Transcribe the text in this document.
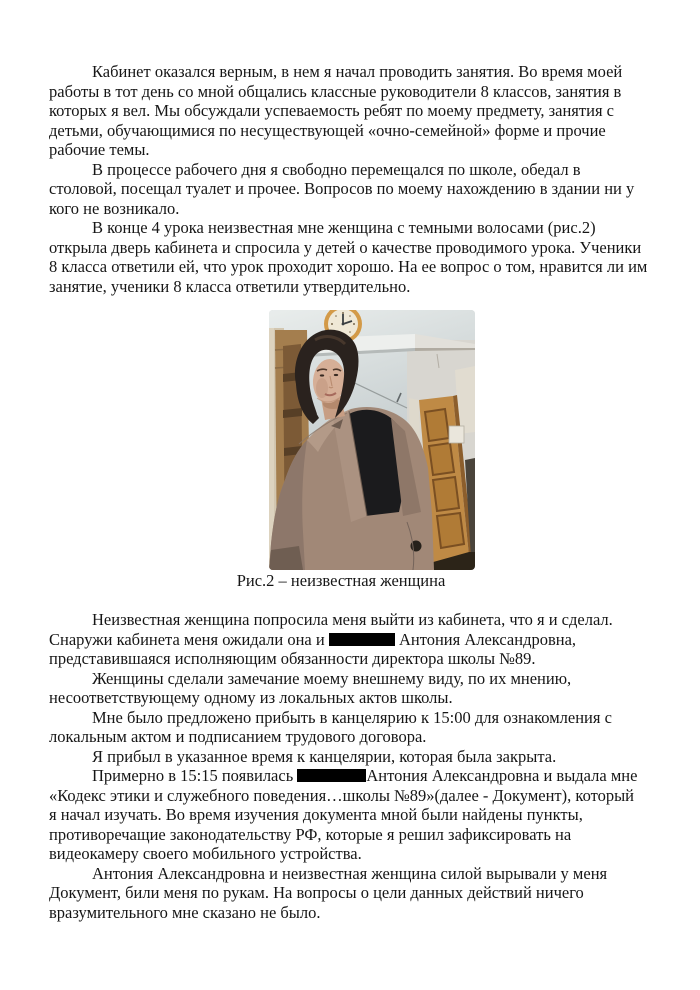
Кабинет оказался верным, в нем я начал проводить занятия. Во время моей
работы в тот день со мной общались классные руководители 8 классов, занятия в
которых я вел. Мы обсуждали успеваемость ребят по моему предмету, занятия с
детьми, обучающимися по несуществующей «очно-семейной» форме и прочие
рабочие темы.
В процессе рабочего дня я свободно перемещался по школе, обедал в
столовой, посещал туалет и прочее. Вопросов по моему нахождению в здании ни у
кого не возникало.
В конце 4 урока неизвестная мне женщина с темными волосами (рис.2)
открыла дверь кабинета и спросила у детей о качестве проводимого урока. Ученики
8 класса ответили ей, что урок проходит хорошо. На ее вопрос о том, нравится ли им
занятие, ученики 8 класса ответили утвердительно.
Рис.2 – неизвестная женщина
Неизвестная женщина попросила меня выйти из кабинета, что я и сделал.
Снаружи кабинета меня ожидали она и	Антония Александровна,
представившаяся исполняющим обязанности директора школы №89.
Женщины сделали замечание моему внешнему виду, по их мнению,
несоответствующему одному из локальных актов школы.
Мне было предложено прибыть в канцелярию к 15:00 для ознакомления с
локальным актом и подписанием трудового договора.
Я прибыл в указанное время к канцелярии, которая была закрыта.
Примерно в 15:15 появилась	Антония Александровна и выдала мне
«Кодекс этики и служебного поведения…школы №89»(далее - Документ), который
я начал изучать. Во время изучения документа мной были найдены пункты,
противоречащие законодательству РФ, которые я решил зафиксировать на
видеокамеру своего мобильного устройства.
Антония Александровна и неизвестная женщина силой вырывали у меня
Документ, били меня по рукам. На вопросы о цели данных действий ничего
вразумительного мне сказано не было.
